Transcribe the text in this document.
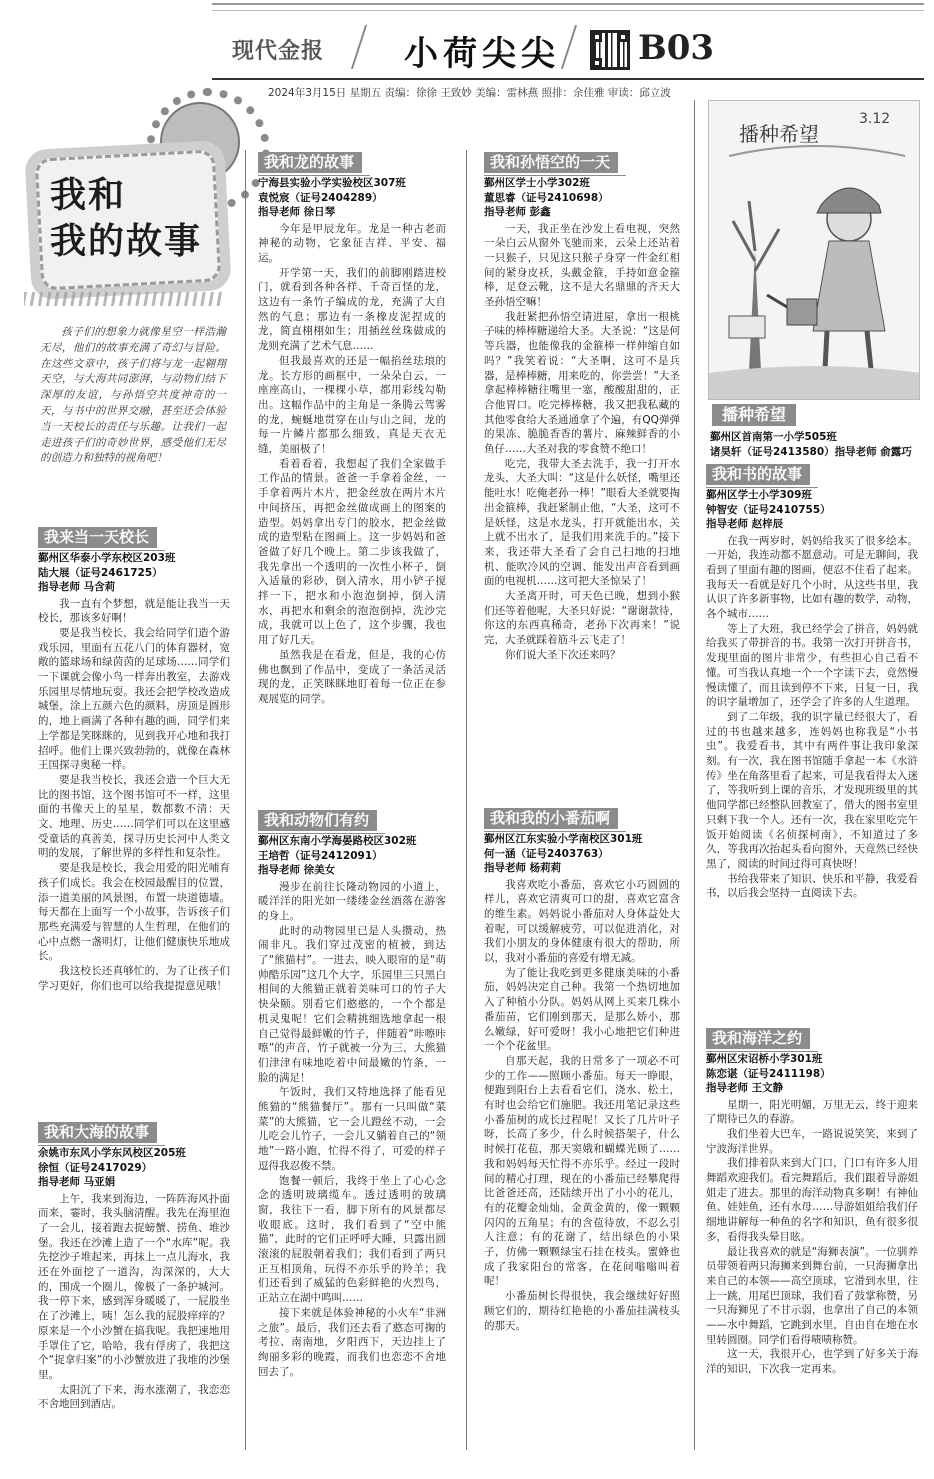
现代金报 小荷尖尖 B03
2024年3月15日 星期五 责编：徐徐 王致妙 美编：雷林燕 照排：余佳雅 审读：邱立波
我和
我的故事
孩子们的想象力就像星空一样浩瀚无尽，他们的故事充满了奇幻与冒险。在这些文章中，孩子们将与龙一起翱翔天空，与大海共同澎湃，与动物们结下深厚的友谊，与孙悟空共度神奇的一天，与书中的世界交融，甚至还会体验当一天校长的责任与乐趣。让我们一起走进孩子们的奇妙世界，感受他们无尽的创造力和独特的视角吧！
我来当一天校长
鄞州区华泰小学东校区203班
陆大展（证号2461725）
指导老师 马含莉

我一直有个梦想，就是能让我当一天校长，那该多好啊！

要是我当校长，我会给同学们造个游戏乐园，里面有五花八门的体育器材，宽敞的篮球场和绿茵茵的足球场……同学们一下课就会像小鸟一样奔出教室，去游戏乐园里尽情地玩耍。我还会把学校改造成城堡，涂上五颜六色的颜料，房顶是圆形的，地上画满了各种有趣的画，同学们来上学都是笑眯眯的，见到我开心地和我打招呼。他们上课兴致勃勃的，就像在森林王国探寻奥秘一样。

要是我当校长，我还会造一个巨大无比的图书馆，这个图书馆可不一样，这里面的书像天上的星星，数都数不清：天文、地理、历史……同学们可以在这里感受童话的真善美，探寻历史长河中人类文明的发展，了解世界的多样性和复杂性。

要是我是校长，我会用爱的阳光哺育孩子们成长。我会在校园最醒目的位置，添一道美丽的风景图，布置一块道德墙。每天都在上面写一个小故事，告诉孩子们那些充满爱与智慧的人生哲理，在他们的心中点燃一盏明灯，让他们健康快乐地成长。

我这校长还真够忙的，为了让孩子们学习更好，你们也可以给我提提意见哦！

我和大海的故事
余姚市东风小学东风校区205班
徐恒（证号2417029）
指导老师 马亚娟

上午，我来到海边，一阵阵海风扑面而来，霎时，我头脑清醒。我先在海里泡了一会儿，接着跑去捉螃蟹、捞鱼、堆沙堡。我还在沙滩上造了一个“水库”呢。我先挖沙子堆起来，再抹上一点儿海水，我还在外面挖了一道沟，沟深深的，大大的，围成一个圈儿，像极了一条护城河。我一停下来，感到浑身暖暖了，一屁股坐在了沙滩上，咦！怎么我的屁股痒痒的？原来是一个小沙蟹在搞我呢。我把速地用手罩住了它，哈哈，我有俘虏了，我把这个“捉拿归案”的小沙蟹放进了我堆的沙堡里。

太阳沉了下来，海水涨潮了，我恋恋不舍地回到酒店。

我和龙的故事
宁海县实验小学实验校区307班
袁悦宸（证号2404289）
指导老师 徐日琴

今年是甲辰龙年。龙是一种古老而神秘的动物，它象征吉祥、平安、福运。

开学第一天，我们的前脚刚踏进校门，就看到各种各样、千奇百怪的龙，这边有一条竹子编成的龙，充满了大自然的气息；那边有一条橡皮泥捏成的龙，简直栩栩如生；用插丝丝珠做成的龙则充满了艺术气息……

但我最喜欢的还是一幅掐丝珐琅的龙。长方形的画框中，一朵朵白云，一座座高山，一棵棵小草，都用彩线勾勒出。这幅作品中的主角是一条腾云驾雾的龙，蜿蜒地贯穿在山与山之间，龙的每一片鳞片都那么细致，真是天衣无缝，美丽极了！

看着看着，我想起了我们全家做手工作品的情景。爸爸一手拿着金丝，一手拿着两片木片，把金丝放在两片木片中间挤压，再把金丝做成画上的图案的造型。妈妈拿出专门的胶水，把金丝做成的造型粘在图画上。这一步妈妈和爸爸做了好几个晚上。第二步该我做了，我先拿出一个透明的一次性小杯子，倒入适量的彩砂，倒入清水，用小铲子搅拌一下，把水和小泡泡倒掉，倒入清水，再把水和剩余的泡泡倒掉，洗沙完成，我就可以上色了，这个步骤，我也用了好几天。

虽然我是在看龙，但是，我的心仿佛也飘到了作品中，变成了一条活灵活现的龙，正笑眯眯地盯着每一位正在参观展览的同学。

我和动物们有约
鄞州区东南小学海晏路校区302班
王培哲（证号2412091）
指导老师 徐美女

漫步在前往长隆动物园的小道上，暖洋洋的阳光如一缕缕金丝酒落在游客的身上。

此时的动物园里已是人头攒动，热闹非凡。我们穿过茂密的植被，到达了“熊猫村”。一进去，映入眼帘的是“萌帅酷乐园”这几个大字，乐园里三只黑白相间的大熊猫正就着美味可口的竹子大快朵颐。别看它们憨憨的，一个个都是机灵鬼呢！它们会精挑细选地拿起一根自己觉得最鲜嫩的竹子，伴随着“咔嚓咔嚓”的声音，竹子就被一分为三，大熊猫们津津有味地吃着中间最嫩的竹条，一脸的满足！

午饭时，我们又特地选择了能看见熊猫的“熊猫餐厅”。那有一只叫做“菜菜”的大熊猫，它一会儿蹬丝不动，一会儿吃会儿竹子，一会儿又躺着自己的“领地”一路小跑，忙得不得了，可爱的样子逗得我忍俊不禁。

饱餐一顿后，我终于坐上了心心念念的透明玻璃缆车。透过透明的玻璃窗，我往下一看，脚下所有的风景都尽收眼底。这时，我们看到了“空中熊猫”，此时的它们正呼呼大睡，只露出圆滚滚的屁股朝着我们；我们看到了两只正互相顶角，玩得不亦乐乎的羚羊；我们还看到了威猛的色彩鲜艳的火烈鸟，正站立在湖中鸣叫……

接下来就是体验神秘的小火车“非洲之旅”。最后，我们还去看了憨态可掬的考拉、南南地，夕阳西下，天边挂上了绚丽多彩的晚霞，而我们也恋恋不舍地回去了。

我和孙悟空的一天
鄞州区学士小学302班
董思睿（证号2410698）
指导老师 彭鑫

一天，我正坐在沙发上看电视，突然一朵白云从窗外飞驰而来，云朵上还站着一只猴子，只见这只猴子身穿一件金红相间的紧身皮袄，头戴金箍，手持如意金箍棒，足登云靴，这不是大名鼎鼎的齐天大圣孙悟空嘛！

我赶紧把孙悟空请进屋，拿出一根桃子味的棒棒糖递给大圣。大圣说：“这是何等兵器，也能像我的金箍棒一样伸缩自如吗？”我笑着说：“大圣啊，这可不是兵器，是棒棒糖，用来吃的，你尝尝！”大圣拿起棒棒糖往嘴里一塞，酸酸甜甜的，正合他胃口。吃完棒棒糖，我又把我私藏的其他零食给大圣通通拿了个遍，有QQ弹弹的果冻、脆脆香香的薯片、麻辣鲜香的小鱼仔……大圣对我的零食赞不绝口！

吃完，我带大圣去洗手，我一打开水龙头，大圣大叫：“这是什么妖怪，嘴里还能吐水！吃俺老孙一棒！”眼看大圣就要掏出金箍棒，我赶紧制止他，“大圣，这可不是妖怪，这是水龙头，打开就能出水，关上就不出水了，是我们用来洗手的。”接下来，我还带大圣看了会自己扫地的扫地机、能吹冷风的空调、能发出声音看到画面的电视机……这可把大圣惊呆了！

大圣离开时，可天色已晚，想到小猴们还等着他呢，大圣只好说：“谢谢款待，你这的东西真稀奇，老孙下次再来！”说完，大圣就踩着筋斗云飞走了！

你们说大圣下次还来吗？

我和我的小番茄啊
鄞州区江东实验小学南校区301班
何一涵（证号2403763）
指导老师 杨莉莉

我喜欢吃小番茄，喜欢它小巧圆圆的样儿，喜欢它清爽可口的甜，喜欢它富含的维生素。妈妈说小番茄对人身体益处大着呢，可以缓解疲劳，可以促进消化，对我们小朋友的身体健康有很大的帮助，所以，我对小番茄的喜爱有增无减。

为了能让我吃到更多健康美味的小番茄，妈妈决定自己种。我第一个热切地加入了种植小分队。妈妈从网上买来几株小番茄苗，它们刚到那天，是那么娇小，那么嫩绿，好可爱呀！我小心地把它们种进一个个花盆里。

自那天起，我的日常多了一项必不可少的工作——照顾小番茄。每天一睁眼，便跑到阳台上去看看它们，浇水、松土，有时也会给它们施肥。我还用笔记录这些小番茄树的成长过程呢！又长了几片叶子呀，长高了多少，什么时候搭架子，什么时候打花苞，那天窦娥和蝴蝶光顾了……我和妈妈每天忙得不亦乐乎。经过一段时间的精心打理，现在的小番茄已经攀爬得比爸爸还高，还陆续开出了小小的花儿，有的花瓣金灿灿，金黄金黄的，像一颗颗闪闪的五角星；有的含苞待放，不忍么引人注意；有的花谢了，结出绿色的小果子，仿佛一颗颗绿宝石挂在枝头。蜜蜂也成了我家阳台的常客，在花间嗡嗡叫着呢！

小番茄树长得很快，我会继续好好照顾它们的，期待红艳艳的小番茄挂满枝头的那天。

播种希望
3.12
播种希望
鄞州区首南第一小学505班
诸昊轩（证号2413580）指导老师 俞露巧
我和书的故事
鄞州区学士小学309班
钟智安（证号2410755）
指导老师 赵梓辰

在我一两岁时，妈妈给我买了很多绘本。一开始，我连动都不愿意动。可是无聊间，我看到了里面有趣的图画，便忍不住看了起来。我每天一看就是好几个小时，从这些书里，我认识了许多新事物，比如有趣的数学，动物，各个城市……

等上了大班，我已经学会了拼音，妈妈就给我买了带拼音的书。我第一次打开拼音书，发现里面的图片非常少，有些担心自己看不懂。可当我认真地一个一个字读下去，竟然慢慢读懂了，而且读到停不下来，日复一日，我的识字量增加了，还学会了许多的人生道理。

到了二年级，我的识字量已经很大了，看过的书也越来越多，连妈妈也称我是“小书虫”。我爱看书，其中有两件事让我印象深刻。有一次，我在图书馆随手拿起一本《水浒传》坐在角落里看了起来，可是我看得太入迷了，等我听到上课的音乐，才发现班级里的其他同学都已经整队回教室了，借大的图书室里只剩下我一个人。还有一次，我在家里吃完午饭开始阅读《名侦探柯南》，不知道过了多久，等我再次抬起头看向窗外，天竟然已经快黑了，阅读的时间过得可真快呀！

书给我带来了知识、快乐和平静，我爱看书，以后我会坚持一直阅读下去。

我和海洋之约
鄞州区宋诏桥小学301班
陈恋谌（证号2411198）
指导老师 王文静

星期一，阳光明媚，万里无云，终于迎来了期待已久的春游。

我们坐着大巴车，一路说说笑笑，来到了宁波海洋世界。

我们排着队来到大门口，门口有许多人用舞蹈欢迎我们。看完舞蹈后，我们跟着导游姐姐走了进去。那里的海洋动物真多啊！有神仙鱼、娃娃鱼，还有水母……导游姐姐给我们仔细地讲解每一种鱼的名字和知识，鱼有很多很多，看得我头晕目眩。

最让我喜欢的就是“海狮表演”。一位驯养员带领着两只海狮来到舞台前，一只海狮拿出来自己的本领——高空顶球，它滑到水里，往上一跳，用尾巴顶球，我们看了鼓掌称赞，另一只海狮见了不甘示弱，也拿出了自己的本领——水中舞蹈，它跳到水里，自由自在地在水里转圆圈。同学们看得啧啧称赞。

这一天，我很开心，也学到了好多关于海洋的知识，下次我一定再来。
